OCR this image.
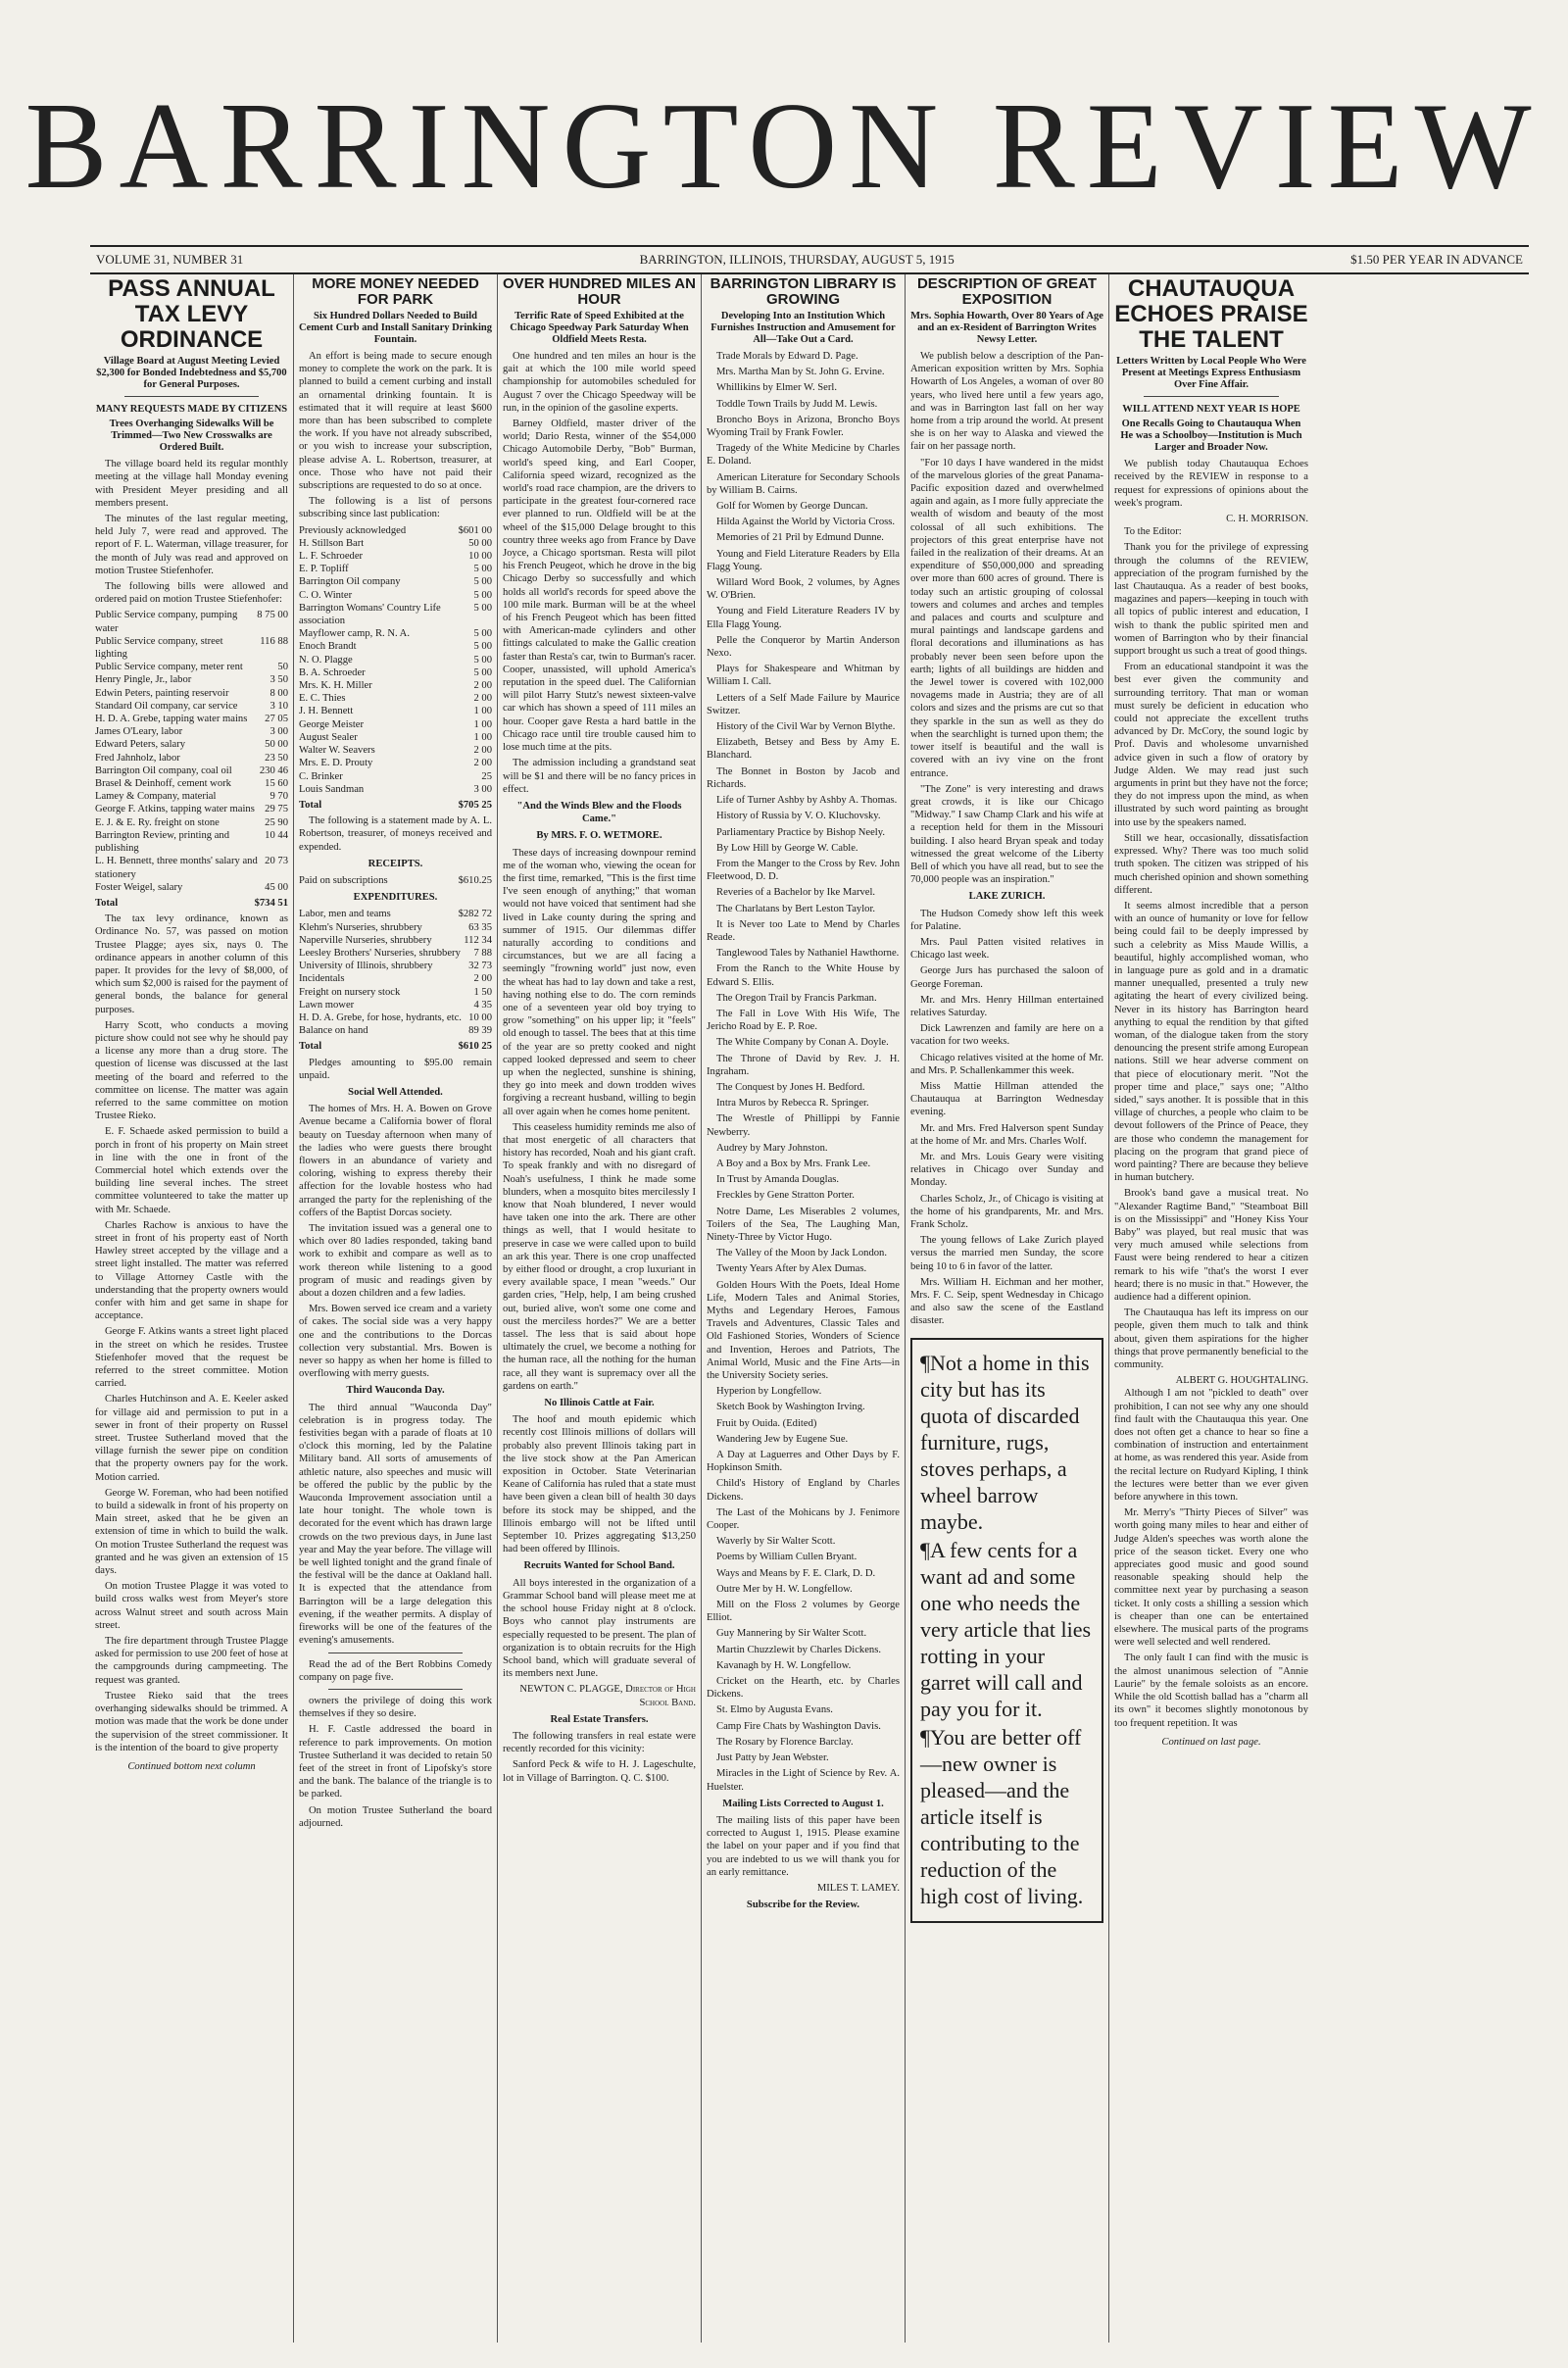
BARRINGTON REVIEW
VOLUME 31, NUMBER 31	BARRINGTON, ILLINOIS, THURSDAY, AUGUST 5, 1915	$1.50 PER YEAR IN ADVANCE
PASS ANNUAL TAX LEVY ORDINANCE
Village Board at August Meeting Levied $2,300 for Bonded Indebtedness and $5,700 for General Purposes.
MANY REQUESTS MADE BY CITIZENS
Trees Overhanging Sidewalks Will be Trimmed—Two New Crosswalks are Ordered Built.

The village board held its regular monthly meeting at the village hall Monday evening with President Meyer presiding and all members present.

The minutes of the last regular meeting, held July 7, were read and approved. The report of F. L. Waterman, village treasurer, for the month of July was read and approved on motion Trustee Stiefenhofer.

The following bills were allowed and ordered paid on motion Trustee Stiefenhofer:

Public Service company, pumping water
8 75 00
Public Service company, street lighting
116 88
Public Service company, meter rent	50
Henry Pingle, Jr., labor	3 50
Edwin Peters, painting reservoir	8 00
Standard Oil company, car service	3 10
H. D. A. Grebe, tapping water mains	27 05
James O'Leary, labor	3 00
Edward Peters, salary	50 00
Fred Jahnholz, labor	23 50
Barrington Oil company, coal oil	230 46
Brasel & Deinhoff, cement work	15 60
Lamey & Company, material	9 70
George F. Atkins, tapping water mains 29 75
E. J. & E. Ry. freight on stone	25 90
Barrington Review, printing and publishing
10 44
L. H. Bennett, three months' salary and stationery
20 73
Foster Weigel, salary	45 00
Total	$734 51

The tax levy ordinance, known as Ordinance No. 57, was passed on motion Trustee Plagge; ayes six, nays 0. The ordinance appears in another column of this paper. It provides for the levy of $8,000, of which sum $2,000 is raised for the payment of general bonds, the balance for general purposes.

Harry Scott, who conducts a moving picture show could not see why he should pay a license any more than a drug store. The question of license was discussed at the last meeting of the board and referred to the committee on license. The matter was again referred to the same committee on motion Trustee Rieko.

E. F. Schaede asked permission to build a porch in front of his property on Main street in line with the one in front of the Commercial hotel which extends over the building line several inches. The street committee volunteered to take the matter up with Mr. Schaede.

Charles Rachow is anxious to have the street in front of his property east of North Hawley street accepted by the village and a street light installed. The matter was referred to Village Attorney Castle with the understanding that the property owners would confer with him and get same in shape for acceptance.

George F. Atkins wants a street light placed in the street on which he resides. Trustee Stiefenhofer moved that the request be referred to the street committee. Motion carried.

Charles Hutchinson and A. E. Keeler asked for village aid and permission to put in a sewer in front of their property on Russel street. Trustee Sutherland moved that the village furnish the sewer pipe on condition that the property owners pay for the work. Motion carried.

George W. Foreman, who had been notified to build a sidewalk in front of his property on Main street, asked that he be given an extension of time in which to build the walk. On motion Trustee Sutherland the request was granted and he was given an extension of 15 days.

On motion Trustee Plagge it was voted to build cross walks west from Meyer's store across Walnut street and south across Main street.

The fire department through Trustee Plagge asked for permission to use 200 feet of hose at the campgrounds during campmeeting. The request was granted.

Trustee Rieko said that the trees overhanging sidewalks should be trimmed. A motion was made that the work be done under the supervision of the street commissioner. It is the intention of the board to give property

Continued bottom next column
MORE MONEY NEEDED FOR PARK
Six Hundred Dollars Needed to Build Cement Curb and Install Sanitary Drinking Fountain.

An effort is being made to secure enough money to complete the work on the park. It is planned to build a cement curbing and install an ornamental drinking fountain. It is estimated that it will require at least $600 more than has been subscribed to complete the work. If you have not already subscribed, or you wish to increase your subscription, please advise A. L. Robertson, treasurer, at once. Those who have not paid their subscriptions are requested to do so at once.

The following is a list of persons subscribing since last publication:

Previously acknowledged	$601 00
H. Stillson Bart	50 00
L. F. Schroeder	10 00
E. P. Topliff	5 00
Barrington Oil company	5 00
C. O. Winter	5 00
Barrington Womans' Country Life association
5 00
Mayflower camp, R. N. A.	5 00
Enoch Brandt	5 00
N. O. Plagge	5 00
B. A. Schroeder	5 00
Mrs. K. H. Miller	2 00
E. C. Thies	2 00
J. H. Bennett	1 00
George Meister	1 00
August Sealer	1 00
Walter W. Seavers	2 00
Mrs. E. D. Prouty	2 00
C. Brinker	25
Louis Sandman	3 00
Total	$705 25

The following is a statement made by A. L. Robertson, treasurer, of moneys received and expended.

RECEIPTS.
Paid on subscriptions	$610.25
EXPENDITURES.
Labor, men and teams	$282 72
Klehm's Nurseries, shrubbery	63 35
Naperville Nurseries, shrubbery	112 34
Leesley Brothers' Nurseries, shrubbery	7 88
University of Illinois, shrubbery	32 73
Incidentals	2 00
Freight on nursery stock	1 50
Lawn mower	4 35
H. D. A. Grebe, for hose, hydrants, etc. 10 00
Balance on hand	89 39
Total	$610 25

Pledges amounting to $95.00 remain unpaid.

Social Well Attended.

The homes of Mrs. H. A. Bowen on Grove Avenue became a California bower of floral beauty on Tuesday afternoon when many of the ladies who were guests there brought flowers in an abundance of variety and coloring, wishing to express thereby their affection for the lovable hostess who had arranged the party for the replenishing of the coffers of the Baptist Dorcas society.

The invitation issued was a general one to which over 80 ladies responded, taking band work to exhibit and compare as well as to work thereon while listening to a good program of music and readings given by about a dozen children and a few ladies.

Mrs. Bowen served ice cream and a variety of cakes. The social side was a very happy one and the contributions to the Dorcas collection very substantial. Mrs. Bowen is never so happy as when her home is filled to overflowing with merry guests.

Third Wauconda Day.

The third annual "Wauconda Day" celebration is in progress today. The festivities began with a parade of floats at 10 o'clock this morning, led by the Palatine Military band. All sorts of amusements of athletic nature, also speeches and music will be offered the public by the public by the Wauconda Improvement association until a late hour tonight. The whole town is decorated for the event which has drawn large crowds on the two previous days, in June last year and May the year before. The village will be well lighted tonight and the grand finale of the festival will be the dance at Oakland hall. It is expected that the attendance from Barrington will be a large delegation this evening, if the weather permits. A display of fireworks will be one of the features of the evening's amusements.

Read the ad of the Bert Robbins Comedy company on page five.

owners the privilege of doing this work themselves if they so desire.

H. F. Castle addressed the board in reference to park improvements. On motion Trustee Sutherland it was decided to retain 50 feet of the street in front of Lipofsky's store and the bank. The balance of the triangle is to be parked.

On motion Trustee Sutherland the board adjourned.

OVER HUNDRED MILES AN HOUR
Terrific Rate of Speed Exhibited at the Chicago Speedway Park Saturday When Oldfield Meets Resta.

One hundred and ten miles an hour is the gait at which the 100 mile world speed championship for automobiles scheduled for August 7 over the Chicago Speedway will be run, in the opinion of the gasoline experts.

Barney Oldfield, master driver of the world; Dario Resta, winner of the $54,000 Chicago Automobile Derby, "Bob" Burman, world's speed king, and Earl Cooper, California speed wizard, recognized as the world's road race champion, are the drivers to participate in the greatest four-cornered race ever planned to run. Oldfield will be at the wheel of the $15,000 Delage brought to this country three weeks ago from France by Dave Joyce, a Chicago sportsman. Resta will pilot his French Peugeot, which he drove in the big Chicago Derby so successfully and which holds all world's records for speed above the 100 mile mark. Burman will be at the wheel of his French Peugeot which has been fitted with American-made cylinders and other fittings calculated to make the Gallic creation faster than Resta's car, twin to Burman's racer. Cooper, unassisted, will uphold America's reputation in the speed duel. The Californian will pilot Harry Stutz's newest sixteen-valve car which has shown a speed of 111 miles an hour. Cooper gave Resta a hard battle in the Chicago race until tire trouble caused him to lose much time at the pits.

The admission including a grandstand seat will be $1 and there will be no fancy prices in effect.

"And the Winds Blew and the Floods Came."
By MRS. F. O. WETMORE.

These days of increasing downpour remind me of the woman who, viewing the ocean for the first time, remarked, "This is the first time I've seen enough of anything;" that woman would not have voiced that sentiment had she lived in Lake county during the spring and summer of 1915. Our dilemmas differ naturally according to conditions and circumstances, but we are all facing a seemingly "frowning world" just now, even the wheat has had to lay down and take a rest, having nothing else to do. The corn reminds one of a seventeen year old boy trying to grow "something" on his upper lip; it "feels" old enough to tassel. The bees that at this time of the year are so pretty cooked and night capped looked depressed and seem to cheer up when the neglected, sunshine is shining, they go into meek and down trodden wives forgiving a recreant husband, willing to begin all over again when he comes home penitent.

This ceaseless humidity reminds me also of that most energetic of all characters that history has recorded, Noah and his giant craft. To speak frankly and with no disregard of Noah's usefulness, I think he made some blunders, when a mosquito bites mercilessly I know that Noah blundered, I never would have taken one into the ark. There are other things as well, that I would hesitate to preserve in case we were called upon to build an ark this year. There is one crop unaffected by either flood or drought, a crop luxuriant in every available space, I mean "weeds." Our garden cries, "Help, help, I am being crushed out, buried alive, won't some one come and oust the merciless hordes?" We are a better tassel. The less that is said about hope ultimately the cruel, we become a nothing for the human race, all the nothing for the human race, all they want is supremacy over all the gardens on earth."

No Illinois Cattle at Fair.

The hoof and mouth epidemic which recently cost Illinois millions of dollars will probably also prevent Illinois taking part in the live stock show at the Pan American exposition in October. State Veterinarian Keane of California has ruled that a state must have been given a clean bill of health 30 days before its stock may be shipped, and the Illinois embargo will not be lifted until September 10. Prizes aggregating $13,250 had been offered by Illinois.

Recruits Wanted for School Band.

All boys interested in the organization of a Grammar School band will please meet me at the school house Friday night at 8 o'clock. Boys who cannot play instruments are especially requested to be present. The plan of organization is to obtain recruits for the High School band, which will graduate several of its members next June.

NEWTON C. PLAGGE, Director of High School Band.
Real Estate Transfers.

The following transfers in real estate were recently recorded for this vicinity:

Sanford Peck & wife to H. J. Lageschulte, lot in Village of Barrington. Q. C. $100.

BARRINGTON LIBRARY IS GROWING
Developing Into an Institution Which Furnishes Instruction and Amusement for All—Take Out a Card.

Trade Morals by Edward D. Page.

Mrs. Martha Man by St. John G. Ervine.

Whillikins by Elmer W. Serl.

Toddle Town Trails by Judd M. Lewis.

Broncho Boys in Arizona, Broncho Boys Wyoming Trail by Frank Fowler.

Tragedy of the White Medicine by Charles E. Doland.

American Literature for Secondary Schools by William B. Cairns.

Golf for Women by George Duncan.

Hilda Against the World by Victoria Cross.

Memories of 21 Pril by Edmund Dunne.

Young and Field Literature Readers by Ella Flagg Young.

Willard Word Book, 2 volumes, by Agnes W. O'Brien.

Young and Field Literature Readers IV by Ella Flagg Young.

Pelle the Conqueror by Martin Anderson Nexo.

Plays for Shakespeare and Whitman by William I. Call.

Letters of a Self Made Failure by Maurice Switzer.

History of the Civil War by Vernon Blythe.

Elizabeth, Betsey and Bess by Amy E. Blanchard.

The Bonnet in Boston by Jacob and Richards.

Life of Turner Ashby by Ashby A. Thomas.

History of Russia by V. O. Kluchovsky.

Parliamentary Practice by Bishop Neely.

By Low Hill by George W. Cable.

From the Manger to the Cross by Rev. John Fleetwood, D. D.

Reveries of a Bachelor by Ike Marvel.

The Charlatans by Bert Leston Taylor.

It is Never too Late to Mend by Charles Reade.

Tanglewood Tales by Nathaniel Hawthorne.

From the Ranch to the White House by Edward S. Ellis.

The Oregon Trail by Francis Parkman.

The Fall in Love With His Wife, The Jericho Road by E. P. Roe.

The White Company by Conan A. Doyle.

The Throne of David by Rev. J. H. Ingraham.

The Conquest by Jones H. Bedford.

Intra Muros by Rebecca R. Springer.

The Wrestle of Phillippi by Fannie Newberry.

Audrey by Mary Johnston.

A Boy and a Box by Mrs. Frank Lee.

In Trust by Amanda Douglas.

Freckles by Gene Stratton Porter.

Notre Dame, Les Miserables 2 volumes, Toilers of the Sea, The Laughing Man, Ninety-Three by Victor Hugo.

The Valley of the Moon by Jack London.

Twenty Years After by Alex Dumas.

Golden Hours With the Poets, Ideal Home Life, Modern Tales and Animal Stories, Myths and Legendary Heroes, Famous Travels and Adventures, Classic Tales and Old Fashioned Stories, Wonders of Science and Invention, Heroes and Patriots, The Animal World, Music and the Fine Arts—in the University Society series.

Hyperion by Longfellow.

Sketch Book by Washington Irving.

Fruit by Ouida. (Edited)

Wandering Jew by Eugene Sue.

A Day at Laguerres and Other Days by F. Hopkinson Smith.

Child's History of England by Charles Dickens.

The Last of the Mohicans by J. Fenimore Cooper.

Waverly by Sir Walter Scott.

Poems by William Cullen Bryant.

Ways and Means by F. E. Clark, D. D.

Outre Mer by H. W. Longfellow.

Mill on the Floss 2 volumes by George Elliot.

Guy Mannering by Sir Walter Scott.

Martin Chuzzlewit by Charles Dickens.

Kavanagh by H. W. Longfellow.

Cricket on the Hearth, etc. by Charles Dickens.

St. Elmo by Augusta Evans.

Camp Fire Chats by Washington Davis.

The Rosary by Florence Barclay.

Just Patty by Jean Webster.

Miracles in the Light of Science by Rev. A. Huelster.

Mailing Lists Corrected to August 1.

The mailing lists of this paper have been corrected to August 1, 1915. Please examine the label on your paper and if you find that you are indebted to us we will thank you for an early remittance.

MILES T. LAMEY.
Subscribe for the Review.
DESCRIPTION OF GREAT EXPOSITION
Mrs. Sophia Howarth, Over 80 Years of Age and an ex-Resident of Barrington Writes Newsy Letter.

We publish below a description of the Pan-American exposition written by Mrs. Sophia Howarth of Los Angeles, a woman of over 80 years, who lived here until a few years ago, and was in Barrington last fall on her way home from a trip around the world. At present she is on her way to Alaska and viewed the fair on her passage north.

"For 10 days I have wandered in the midst of the marvelous glories of the great Panama-Pacific exposition dazed and overwhelmed again and again, as I more fully appreciate the wealth of wisdom and beauty of the most colossal of all such exhibitions. The projectors of this great enterprise have not failed in the realization of their dreams. At an expenditure of $50,000,000 and spreading over more than 600 acres of ground. There is today such an artistic grouping of colossal towers and columes and arches and temples and palaces and courts and sculpture and mural paintings and landscape gardens and floral decorations and illuminations as has probably never been seen before upon the earth; lights of all buildings are hidden and the Jewel tower is covered with 102,000 novagems made in Austria; they are of all colors and sizes and the prisms are cut so that they sparkle in the sun as well as they do when the searchlight is turned upon them; the tower itself is beautiful and the wall is covered with an ivy vine on the front entrance.

"The Zone" is very interesting and draws great crowds, it is like our Chicago "Midway." I saw Champ Clark and his wife at a reception held for them in the Missouri building. I also heard Bryan speak and today witnessed the great welcome of the Liberty Bell of which you have all read, but to see the 70,000 people was an inspiration."

LAKE ZURICH.

The Hudson Comedy show left this week for Palatine.

Mrs. Paul Patten visited relatives in Chicago last week.

George Jurs has purchased the saloon of George Foreman.

Mr. and Mrs. Henry Hillman entertained relatives Saturday.

Dick Lawrenzen and family are here on a vacation for two weeks.

Chicago relatives visited at the home of Mr. and Mrs. P. Schallenkammer this week.

Miss Mattie Hillman attended the Chautauqua at Barrington Wednesday evening.

Mr. and Mrs. Fred Halverson spent Sunday at the home of Mr. and Mrs. Charles Wolf.

Mr. and Mrs. Louis Geary were visiting relatives in Chicago over Sunday and Monday.

Charles Scholz, Jr., of Chicago is visiting at the home of his grandparents, Mr. and Mrs. Frank Scholz.

The young fellows of Lake Zurich played versus the married men Sunday, the score being 10 to 6 in favor of the latter.

Mrs. William H. Eichman and her mother, Mrs. F. C. Seip, spent Wednesday in Chicago and also saw the scene of the Eastland disaster.

¶Not a home in this city but has its quota of discarded furniture, rugs, stoves perhaps, a wheel barrow maybe.

¶A few cents for a want ad and some one who needs the very article that lies rotting in your garret will call and pay you for it.

¶You are better off—new owner is pleased—and the article itself is contributing to the reduction of the high cost of living.

CHAUTAUQUA ECHOES PRAISE THE TALENT
Letters Written by Local People Who Were Present at Meetings Express Enthusiasm Over Fine Affair.
WILL ATTEND NEXT YEAR IS HOPE
One Recalls Going to Chautauqua When He was a Schoolboy—Institution is Much Larger and Broader Now.

We publish today Chautauqua Echoes received by the REVIEW in response to a request for expressions of opinions about the week's program.

C. H. MORRISON.

To the Editor:

Thank you for the privilege of expressing through the columns of the REVIEW, appreciation of the program furnished by the last Chautauqua. As a reader of best books, magazines and papers—keeping in touch with all topics of public interest and education, I wish to thank the public spirited men and women of Barrington who by their financial support brought us such a treat of good things.

From an educational standpoint it was the best ever given the community and surrounding territory. That man or woman must surely be deficient in education who could not appreciate the excellent truths advanced by Dr. McCory, the sound logic by Prof. Davis and wholesome unvarnished advice given in such a flow of oratory by Judge Alden. We may read just such arguments in print but they have not the force; they do not impress upon the mind, as when illustrated by such word painting as brought into use by the speakers named.

Still we hear, occasionally, dissatisfaction expressed. Why? There was too much solid truth spoken. The citizen was stripped of his much cherished opinion and shown something different.

It seems almost incredible that a person with an ounce of humanity or love for fellow being could fail to be deeply impressed by such a celebrity as Miss Maude Willis, a beautiful, highly accomplished woman, who in language pure as gold and in a dramatic manner unequalled, presented a truly new agitating the heart of every civilized being. Never in its history has Barrington heard anything to equal the rendition by that gifted woman, of the dialogue taken from the story denouncing the present strife among European nations. Still we hear adverse comment on that piece of elocutionary merit. "Not the proper time and place," says one; "Altho sided," says another. It is possible that in this village of churches, a people who claim to be devout followers of the Prince of Peace, they are those who condemn the management for placing on the program that grand piece of word painting? There are because they believe in human butchery.

Brook's band gave a musical treat. No "Alexander Ragtime Band," "Steamboat Bill is on the Mississippi" and "Honey Kiss Your Baby" was played, but real music that was very much amused while selections from Faust were being rendered to hear a citizen remark to his wife "that's the worst I ever heard; there is no music in that." However, the audience had a different opinion.

The Chautauqua has left its impress on our people, given them much to talk and think about, given them aspirations for the higher things that prove permanently beneficial to the community.

ALBERT G. HOUGHTALING.

Although I am not "pickled to death" over prohibition, I can not see why any one should find fault with the Chautauqua this year. One does not often get a chance to hear so fine a combination of instruction and entertainment at home, as was rendered this year. Aside from the recital lecture on Rudyard Kipling, I think the lectures were better than we ever given before anywhere in this town.

Mr. Merry's "Thirty Pieces of Silver" was worth going many miles to hear and either of Judge Alden's speeches was worth alone the price of the season ticket. Every one who appreciates good music and good sound reasonable speaking should help the committee next year by purchasing a season ticket. It only costs a shilling a session which is cheaper than one can be entertained elsewhere. The musical parts of the programs were well selected and well rendered.

The only fault I can find with the music is the almost unanimous selection of "Annie Laurie" by the female soloists as an encore. While the old Scottish ballad has a "charm all its own" it becomes slightly monotonous by too frequent repetition. It was

Continued on last page.
